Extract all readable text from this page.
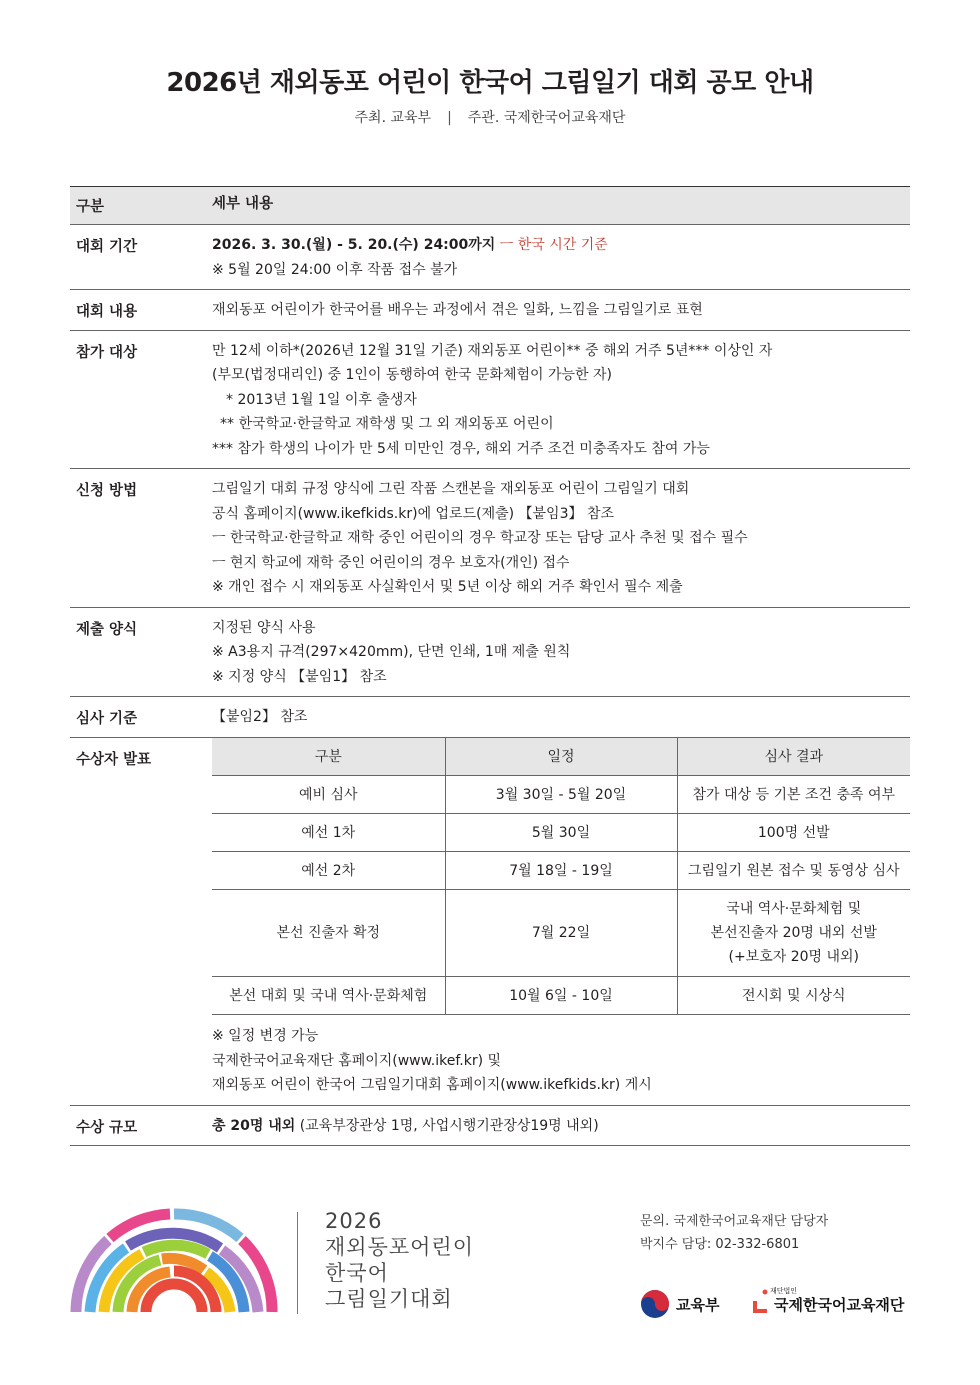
2026년 재외동포 어린이 한국어 그림일기 대회 공모 안내
주최. 교육부 | 주관. 국제한국어교육재단
구분	세부 내용
대회 기간	2026. 3. 30.(월) - 5. 20.(수) 24:00까지 ㅡ 한국 시간 기준
※ 5월 20일 24:00 이후 작품 접수 불가
대회 내용	재외동포 어린이가 한국어를 배우는 과정에서 겪은 일화, 느낌을 그림일기로 표현
참가 대상	만 12세 이하*(2026년 12월 31일 기준) 재외동포 어린이** 중 해외 거주 5년*** 이상인 자
(부모(법정대리인) 중 1인이 동행하여 한국 문화체험이 가능한 자)
* 2013년 1월 1일 이후 출생자
** 한국학교·한글학교 재학생 및 그 외 재외동포 어린이
*** 참가 학생의 나이가 만 5세 미만인 경우, 해외 거주 조건 미충족자도 참여 가능
신청 방법	그림일기 대회 규정 양식에 그린 작품 스캔본을 재외동포 어린이 그림일기 대회
공식 홈페이지(www.ikefkids.kr)에 업로드(제출) 【붙임3】 참조
ㅡ 한국학교·한글학교 재학 중인 어린이의 경우 학교장 또는 담당 교사 추천 및 접수 필수
ㅡ 현지 학교에 재학 중인 어린이의 경우 보호자(개인) 접수
※ 개인 접수 시 재외동포 사실확인서 및 5년 이상 해외 거주 확인서 필수 제출
제출 양식	지정된 양식 사용
※ A3용지 규격(297×420mm), 단면 인쇄, 1매 제출 원칙
※ 지정 양식 【붙임1】 참조
심사 기준	【붙임2】 참조
수상자 발표	구분	일정	심사 결과
예비 심사	3월 30일 - 5월 20일	참가 대상 등 기본 조건 충족 여부
예선 1차	5월 30일	100명 선발
예선 2차	7월 18일 - 19일	그림일기 원본 접수 및 동영상 심사
본선 진출자 확정	7월 22일	국내 역사·문화체험 및
본선진출자 20명 내외 선발
(+보호자 20명 내외)

본선 대회 및 국내 역사·문화체험	10월 6일 - 10일	전시회 및 시상식
※ 일정 변경 가능
국제한국어교육재단 홈페이지(www.ikef.kr) 및
재외동포 어린이 한국어 그림일기대회 홈페이지(www.ikefkids.kr) 게시
수상 규모	총 20명 내외 (교육부장관상 1명, 사업시행기관장상19명 내외)
2026
재외동포어린이
한국어
그림일기대회
문의. 국제한국어교육재단 담당자
박지수 담당: 02-332-6801
교육부
재단법인
국제한국어교육재단
